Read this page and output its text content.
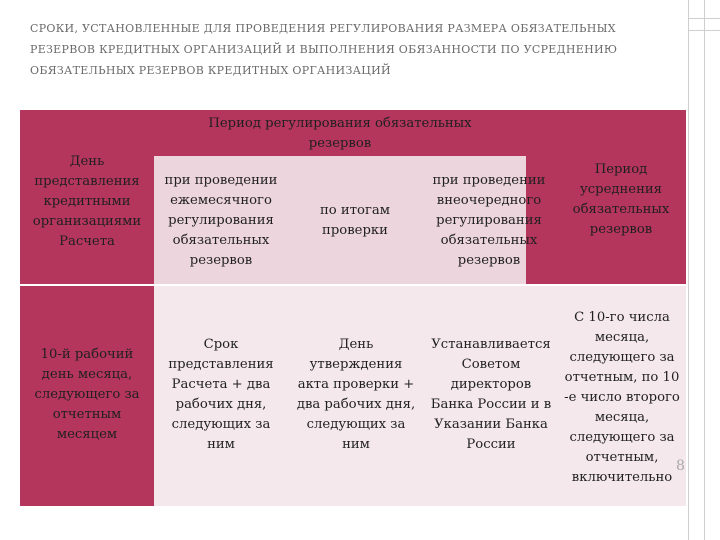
СРОКИ, УСТАНОВЛЕННЫЕ ДЛЯ ПРОВЕДЕНИЯ РЕГУЛИРОВАНИЯ РАЗМЕРА ОБЯЗАТЕЛЬНЫХ РЕЗЕРВОВ КРЕДИТНЫХ ОРГАНИЗАЦИЙ И ВЫПОЛНЕНИЯ ОБЯЗАННОСТИ ПО УСРЕДНЕНИЮ ОБЯЗАТЕЛЬНЫХ РЕЗЕРВОВ КРЕДИТНЫХ ОРГАНИЗАЦИЙ
День
представления
кредитными
организациями
Расчета
Период регулирования обязательных
резервов
при проведении
ежемесячного
регулирования
обязательных
резервов
по итогам
проверки
при проведении
внеочередного
регулирования
обязательных
резервов
Период
усреднения
обязательных
резервов
10-й рабочий
день месяца,
следующего за
отчетным
месяцем
Срок
представления
Расчета + два
рабочих дня,
следующих за
ним
День
утверждения
акта проверки +
два рабочих дня,
следующих за
ним
Устанавливается
Советом
директоров
Банка России и в
Указании Банка
России
С 10-го числа
месяца,
следующего за
отчетным, по 10
-е число второго
месяца,
следующего за
отчетным,
включительно
8
